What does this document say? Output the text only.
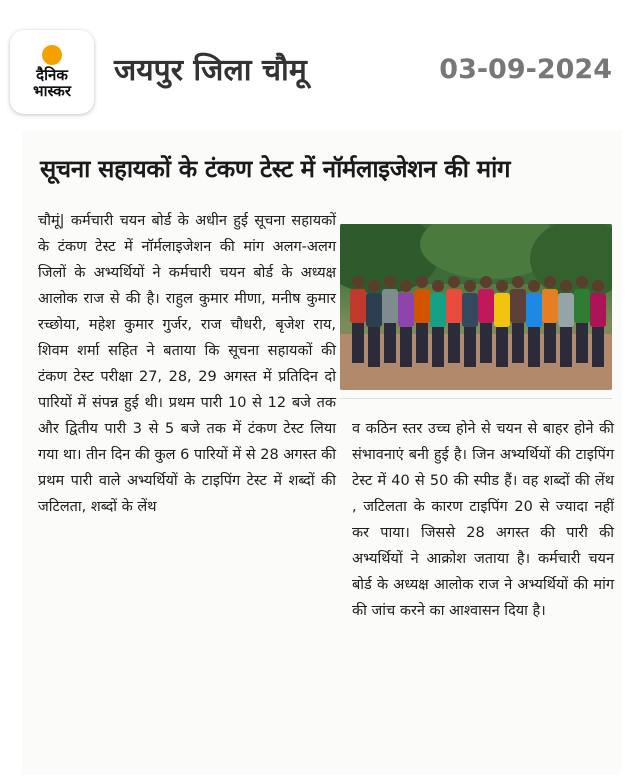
दैनिक
भास्कर
जयपुर जिला चौमू	03-09-2024
सूचना सहायकों के टंकण टेस्ट में नॉर्मलाइजेशन की मांग
चौमूं| कर्मचारी चयन बोर्ड के अधीन हुई सूचना सहायकों के टंकण टेस्ट में नॉर्मलाइजेशन की मांग अलग-अलग जिलों के अभ्यर्थियों ने कर्मचारी चयन बोर्ड के अध्यक्ष आलोक राज से की है। राहुल कुमार मीणा, मनीष कुमार रच्छोया, महेश कुमार गुर्जर, राज चौधरी, बृजेश राय, शिवम शर्मा सहित ने बताया कि सूचना सहायकों की टंकण टेस्ट परीक्षा 27, 28, 29 अगस्त में प्रतिदिन दो पारियों में संपन्न हुई थी। प्रथम पारी 10 से 12 बजे तक और द्वितीय पारी 3 से 5 बजे तक में टंकण टेस्ट लिया गया था। तीन दिन की कुल 6 पारियों में से 28 अगस्त की प्रथम पारी वाले अभ्यर्थियों के टाइपिंग टेस्ट में शब्दों की जटिलता, शब्दों के लेंथ
व कठिन स्तर उच्च होने से चयन से बाहर होने की संभावनाएं बनी हुई है। जिन अभ्यर्थियों की टाइपिंग टेस्ट में 40 से 50 की स्पीड हैं। वह शब्दों की लेंथ , जटिलता के कारण टाइपिंग 20 से ज्यादा नहीं कर पाया। जिससे 28 अगस्त की पारी की अभ्यर्थियों ने आक्रोश जताया है। कर्मचारी चयन बोर्ड के अध्यक्ष आलोक राज ने अभ्यर्थियों की मांग की जांच करने का आश्वासन दिया है।
